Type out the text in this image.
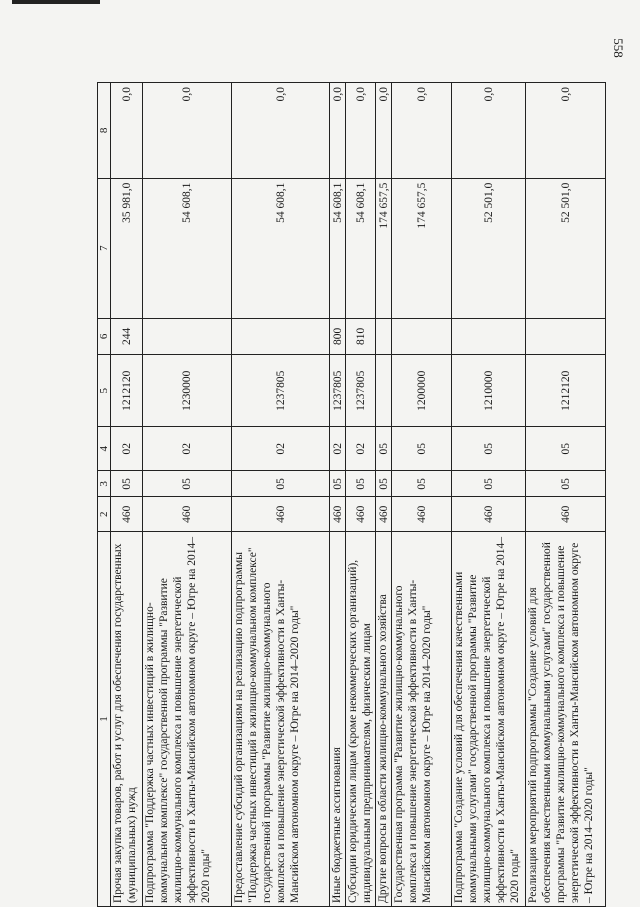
558
1	2	3	4	5	6	7	8
Прочая закупка товаров, работ и услуг для обеспечения государственных (муниципальных) нужд	460	05	02	1212120	244	35 981,0	0,0
Подпрограмма "Поддержка частных инвестиций в жилищно-коммунальном комплексе" государственной программы "Развитие жилищно-коммунального комплекса и повышение энергетической эффективности в Ханты-Мансийском автономном округе – Югре на 2014–2020 годы"	460	05	02	1230000		54 608,1	0,0
Предоставление субсидий организациям на реализацию подпрограммы "Поддержка частных инвестиций в жилищно-коммунальном комплексе" государственной программы "Развитие жилищно-коммунального комплекса и повышение энергетической эффективности в Ханты-Мансийском автономном округе – Югре на 2014–2020 годы"	460	05	02	1237805		54 608,1	0,0
Иные бюджетные ассигнования	460	05	02	1237805	800	54 608,1	0,0
Субсидии юридическим лицам (кроме некоммерческих организаций), индивидуальным предпринимателям, физическим лицам	460	05	02	1237805	810	54 608,1	0,0
Другие вопросы в области жилищно-коммунального хозяйства	460	05	05			174 657,5	0,0
Государственная программа "Развитие жилищно-коммунального комплекса и повышение энергетической эффективности в Ханты-Мансийском автономном округе – Югре на 2014–2020 годы"	460	05	05	1200000		174 657,5	0,0
Подпрограмма "Создание условий для обеспечения качественными коммунальными услугами" государственной программы "Развитие жилищно-коммунального комплекса и повышение энергетической эффективности в Ханты-Мансийском автономном округе – Югре на 2014–2020 годы"	460	05	05	1210000		52 501,0	0,0
Реализация мероприятий подпрограммы "Создание условий для обеспечения качественными коммунальными услугами" государственной программы "Развитие жилищно-коммунального комплекса и повышение энергетической эффективности в Ханты-Мансийском автономном округе – Югре на 2014–2020 годы"	460	05	05	1212120		52 501,0	0,0
